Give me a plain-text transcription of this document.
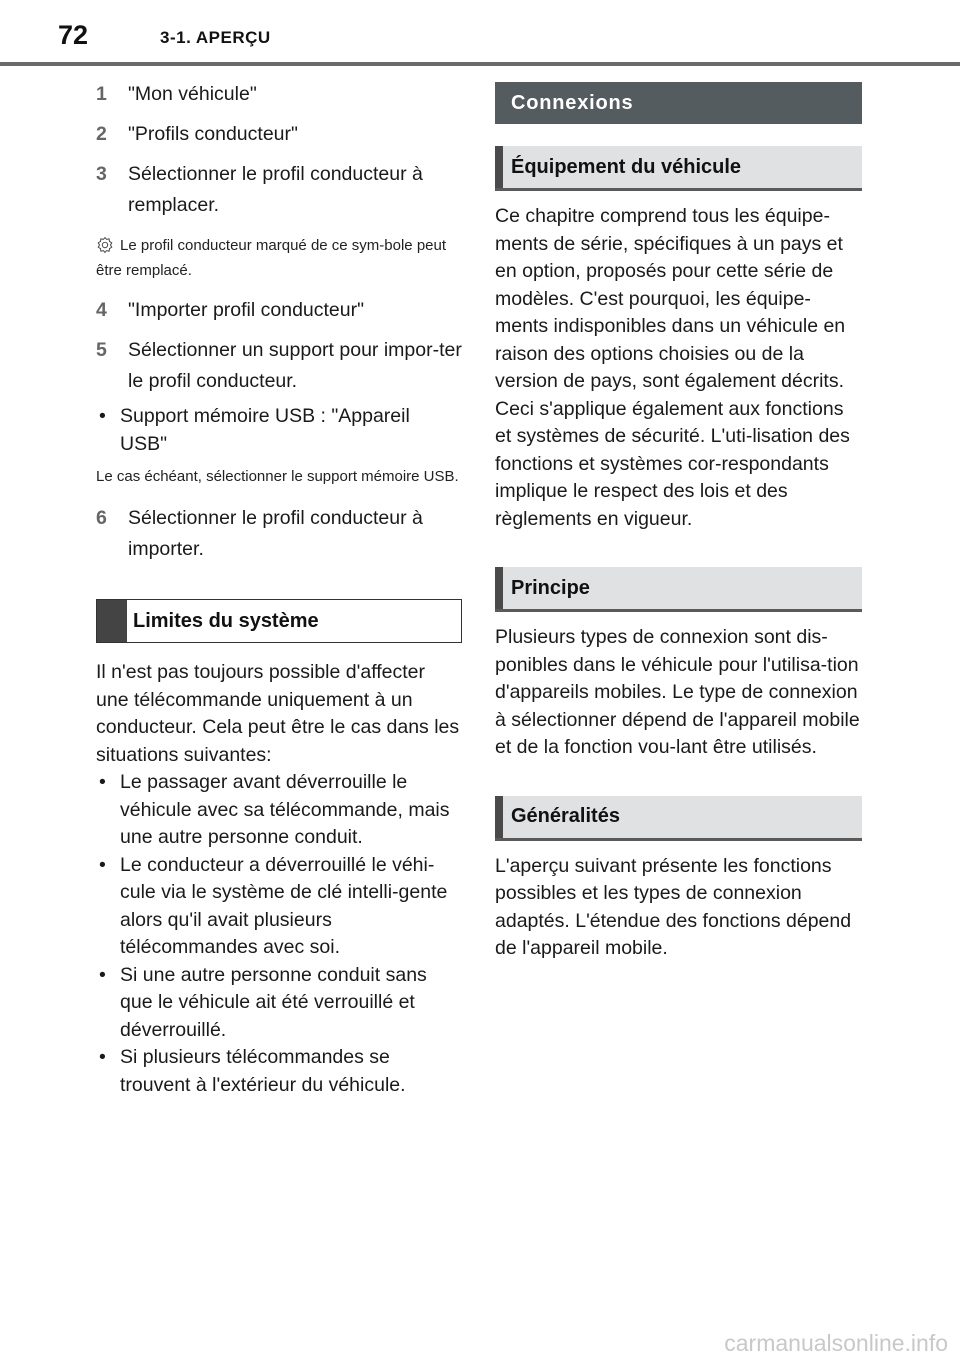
72	3-1. APERÇU
1 "Mon véhicule"
2 "Profils conducteur"
3 Sélectionner le profil conducteur à remplacer.
Le profil conducteur marqué de ce sym-bole peut être remplacé.
4 "Importer profil conducteur"
5 Sélectionner un support pour impor-ter le profil conducteur.
• Support mémoire USB : "Appareil USB"
Le cas échéant, sélectionner le support mémoire USB.
6 Sélectionner le profil conducteur à importer.
Limites du système
Il n'est pas toujours possible d'affecter une télécommande uniquement à un conducteur. Cela peut être le cas dans les situations suivantes:
• Le passager avant déverrouille le véhicule avec sa télécommande, mais une autre personne conduit.
• Le conducteur a déverrouillé le véhi-cule via le système de clé intelli-gente alors qu'il avait plusieurs télécommandes avec soi.
• Si une autre personne conduit sans que le véhicule ait été verrouillé et déverrouillé.
• Si plusieurs télécommandes se trouvent à l'extérieur du véhicule.
Connexions
Équipement du véhicule
Ce chapitre comprend tous les équipe-ments de série, spécifiques à un pays et en option, proposés pour cette série de modèles. C'est pourquoi, les équipe-ments indisponibles dans un véhicule en raison des options choisies ou de la version de pays, sont également décrits. Ceci s'applique également aux fonctions et systèmes de sécurité. L'uti-lisation des fonctions et systèmes cor-respondants implique le respect des lois et des règlements en vigueur.
Principe
Plusieurs types de connexion sont dis-ponibles dans le véhicule pour l'utilisa-tion d'appareils mobiles. Le type de connexion à sélectionner dépend de l'appareil mobile et de la fonction vou-lant être utilisés.
Généralités
L'aperçu suivant présente les fonctions possibles et les types de connexion adaptés. L'étendue des fonctions dépend de l'appareil mobile.
carmanualsonline.info
